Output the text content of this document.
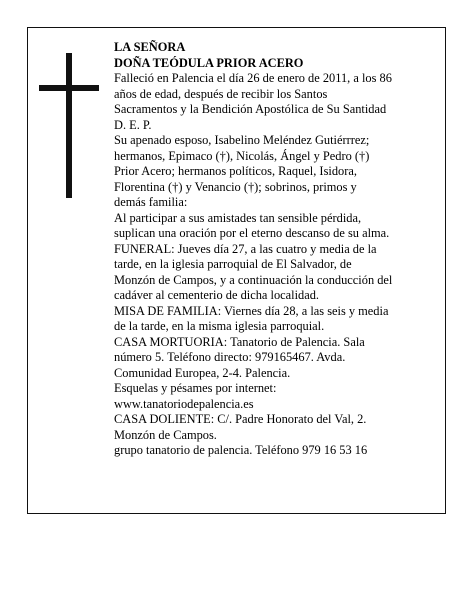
LA SEÑORA
DOÑA TEÓDULA PRIOR ACERO
Falleció en Palencia el día 26 de enero de 2011, a los 86
años de edad, después de recibir los Santos
Sacramentos y la Bendición Apostólica de Su Santidad
D. E. P.
Su apenado esposo, Isabelino Meléndez Gutiérrrez;
hermanos, Epimaco (†), Nicolás, Ángel y Pedro (†)
Prior Acero; hermanos políticos, Raquel, Isidora,
Florentina (†) y Venancio (†); sobrinos, primos y
demás familia:
Al participar a sus amistades tan sensible pérdida,
suplican una oración por el eterno descanso de su alma.
FUNERAL: Jueves día 27, a las cuatro y media de la
tarde, en la iglesia parroquial de El Salvador, de
Monzón de Campos, y a continuación la conducción del
cadáver al cementerio de dicha localidad.
MISA DE FAMILIA: Viernes día 28, a las seis y media
de la tarde, en la misma iglesia parroquial.
CASA MORTUORIA: Tanatorio de Palencia. Sala
número 5. Teléfono directo: 979165467. Avda.
Comunidad Europea, 2-4. Palencia.
Esquelas y pésames por internet:
www.tanatoriodepalencia.es
CASA DOLIENTE: C/. Padre Honorato del Val, 2.
Monzón de Campos.
grupo tanatorio de palencia. Teléfono 979 16 53 16
